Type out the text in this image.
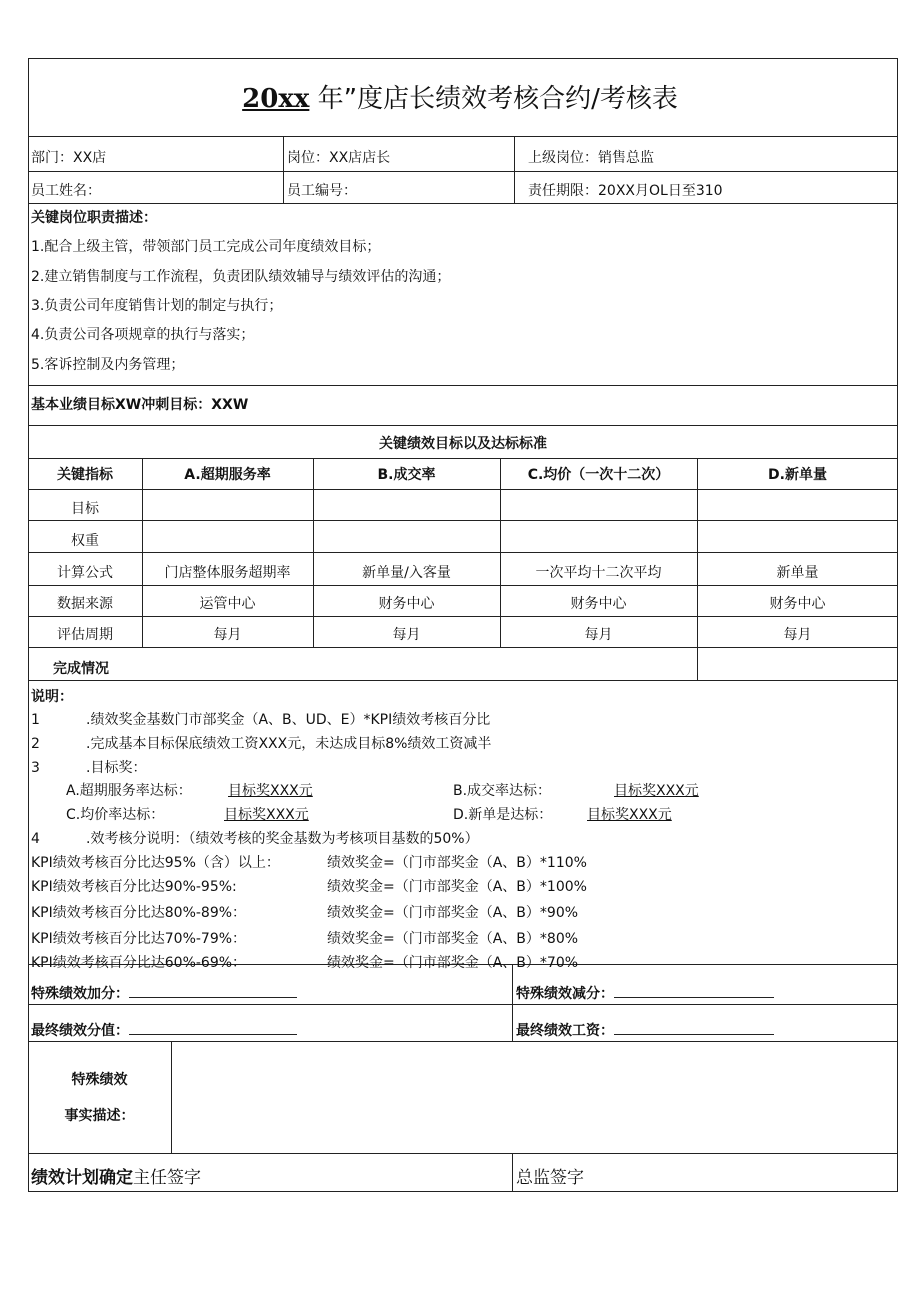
20xx 年”度店长绩效考核合约/考核表
部门：XX店	岗位：XX店店长	上级岗位：销售总监
员工姓名：	员工编号：	责任期限：20XX月OL日至310
关键岗位职责描述：
1.配合上级主管，带领部门员工完成公司年度绩效目标；
2.建立销售制度与工作流程，负责团队绩效辅导与绩效评估的沟通；
3.负责公司年度销售计划的制定与执行；
4.负责公司各项规章的执行与落实；
5.客诉控制及内务管理；
基本业绩目标XW冲刺目标：XXW
关键绩效目标以及达标标准
关键指标	A.超期服务率	B.成交率	C.均价（一次十二次）	D.新单量
目标
权重
计算公式	门店整体服务超期率	新单量/入客量	一次平均十二次平均	新单量
数据来源	运管中心	财务中心	财务中心	财务中心
评估周期	每月	每月	每月	每月
完成情况
说明：
1	.绩效奖金基数门市部奖金（A、B、UD、E）*KPI绩效考核百分比
2	.完成基本目标保底绩效工资XXX元，未达成目标8%绩效工资减半
3	.目标奖：
A.超期服务率达标：	目标奖XXX元	B.成交率达标：	目标奖XXX元
C.均价率达标：	目标奖XXX元	D.新单是达标： 目标奖XXX元
4	.效考核分说明：（绩效考核的奖金基数为考核项目基数的50%）
KPI绩效考核百分比达95%（含）以上：	绩效奖金=（门市部奖金（A、B）*110%
KPI绩效考核百分比达90%-95%:	绩效奖金=（门市部奖金（A、B）*100%
KPI绩效考核百分比达80%-89%：	绩效奖金=（门市部奖金（A、B）*90%
KPI绩效考核百分比达70%-79%：	绩效奖金=（门市部奖金（A、B）*80%
KPI绩效考核百分比达60%-69%：	绩效奖金=（门市部奖金（A、B）*70%
特殊绩效加分：	特殊绩效减分：
最终绩效分值：	最终绩效工资：
特殊绩效
事实描述：
绩效计划确定主任签字	总监签字
